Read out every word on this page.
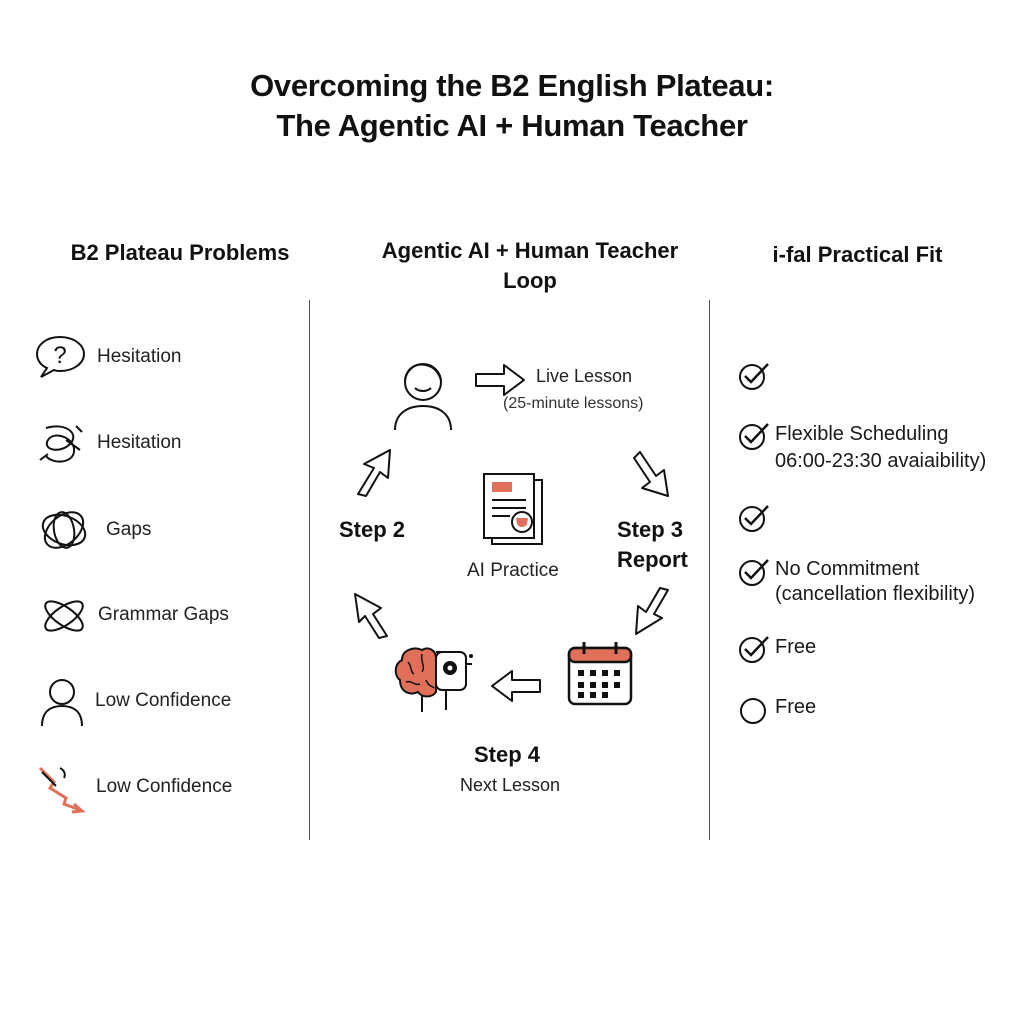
Overcoming the B2 English Plateau:
The Agentic AI + Human Teacher
B2 Plateau Problems	Agentic AI + Human Teacher
Loop
i-fal Practical Fit
? Hesitation
Hesitation
Gaps
Grammar Gaps
Low Confidence
Low Confidence
Live Lesson
(25-minute lessons)
Step 2	Step 3
Report
AI Practice
Step 4
Next Lesson
Flexible Scheduling
06:00-23:30 avaiaibility)
No Commitment
(cancellation flexibility)
Free
Free
